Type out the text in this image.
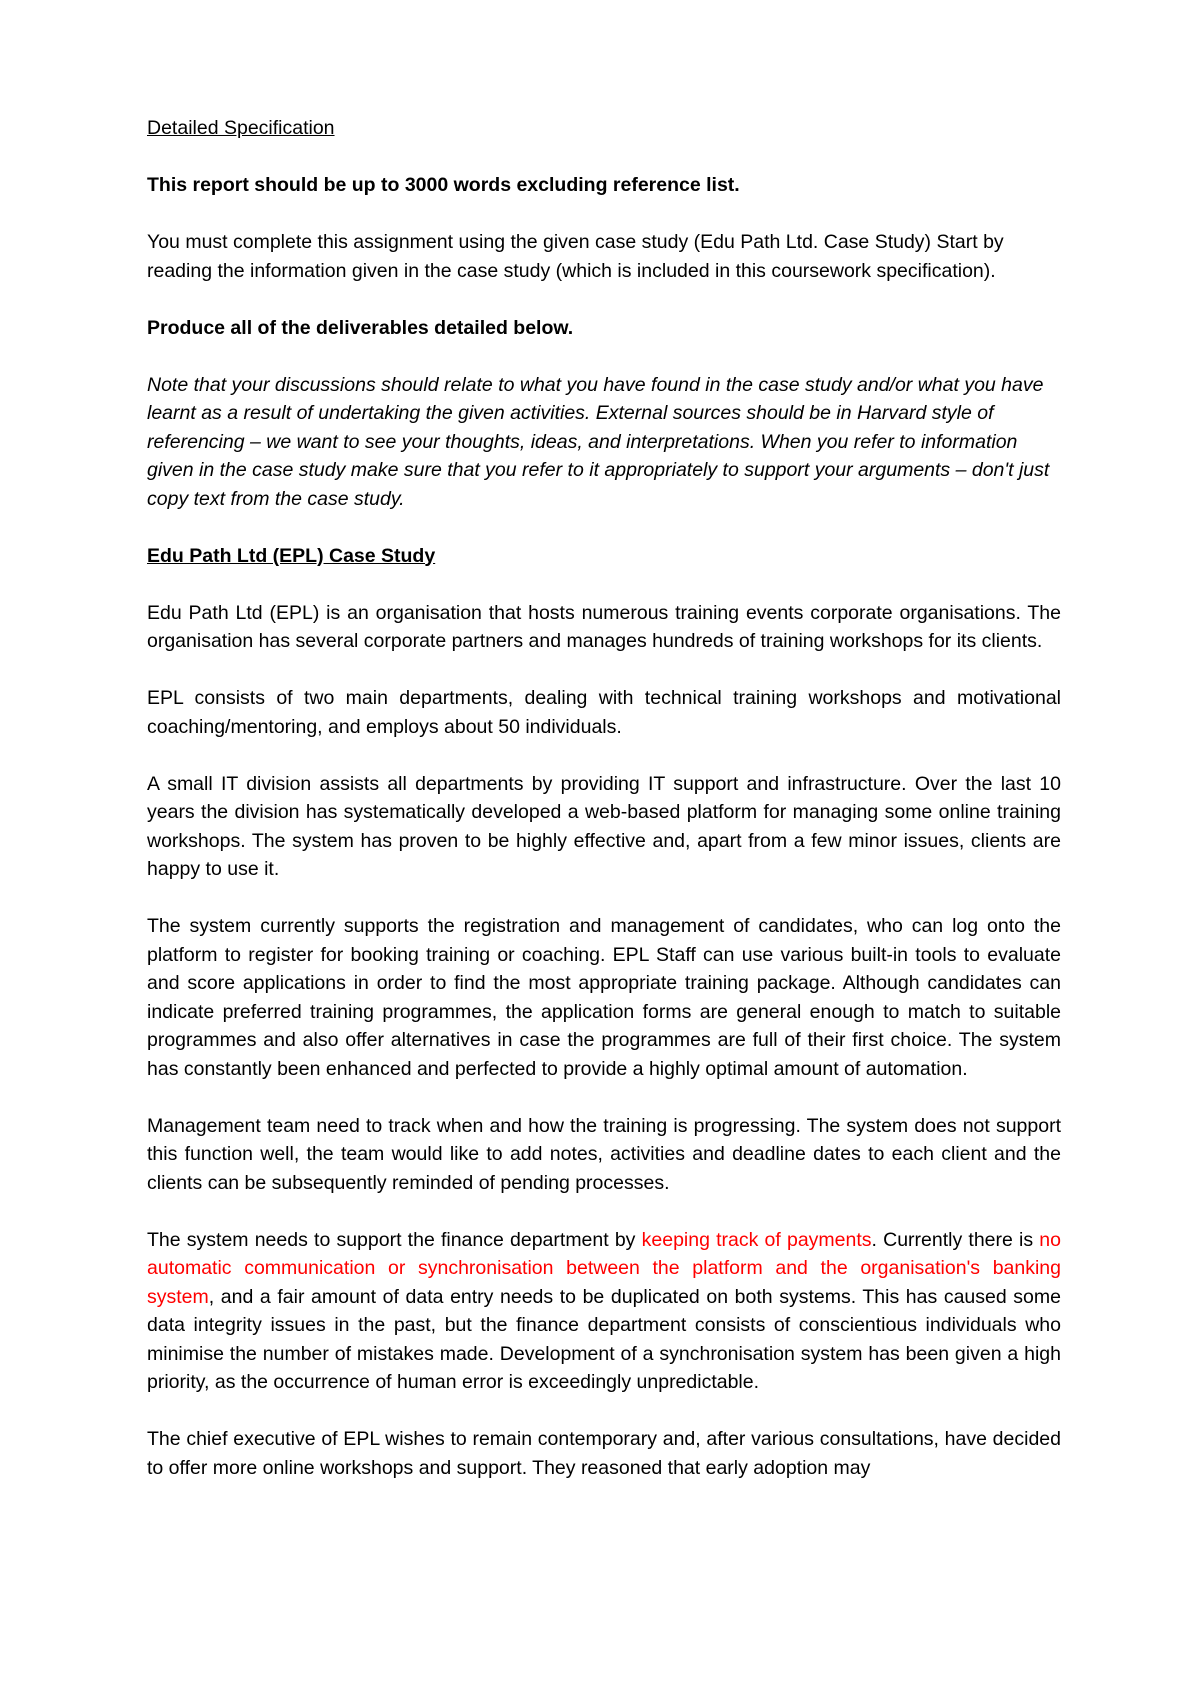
Detailed Specification

This report should be up to 3000 words excluding reference list.

You must complete this assignment using the given case study (Edu Path Ltd. Case Study) Start by reading the information given in the case study (which is included in this coursework specification).

Produce all of the deliverables detailed below.

Note that your discussions should relate to what you have found in the case study and/or what you have learnt as a result of undertaking the given activities. External sources should be in Harvard style of referencing – we want to see your thoughts, ideas, and interpretations. When you refer to information given in the case study make sure that you refer to it appropriately to support your arguments – don't just copy text from the case study.

Edu Path Ltd (EPL) Case Study

Edu Path Ltd (EPL) is an organisation that hosts numerous training events corporate organisations. The organisation has several corporate partners and manages hundreds of training workshops for its clients.

EPL consists of two main departments, dealing with technical training workshops and motivational coaching/mentoring, and employs about 50 individuals.

A small IT division assists all departments by providing IT support and infrastructure. Over the last 10 years the division has systematically developed a web-based platform for managing some online training workshops. The system has proven to be highly effective and, apart from a few minor issues, clients are happy to use it.

The system currently supports the registration and management of candidates, who can log onto the platform to register for booking training or coaching. EPL Staff can use various built-in tools to evaluate and score applications in order to find the most appropriate training package. Although candidates can indicate preferred training programmes, the application forms are general enough to match to suitable programmes and also offer alternatives in case the programmes are full of their first choice. The system has constantly been enhanced and perfected to provide a highly optimal amount of automation.

Management team need to track when and how the training is progressing. The system does not support this function well, the team would like to add notes, activities and deadline dates to each client and the clients can be subsequently reminded of pending processes.

The system needs to support the finance department by keeping track of payments. Currently there is no automatic communication or synchronisation between the platform and the organisation's banking system, and a fair amount of data entry needs to be duplicated on both systems. This has caused some data integrity issues in the past, but the finance department consists of conscientious individuals who minimise the number of mistakes made. Development of a synchronisation system has been given a high priority, as the occurrence of human error is exceedingly unpredictable.

The chief executive of EPL wishes to remain contemporary and, after various consultations, have decided to offer more online workshops and support. They reasoned that early adoption may
